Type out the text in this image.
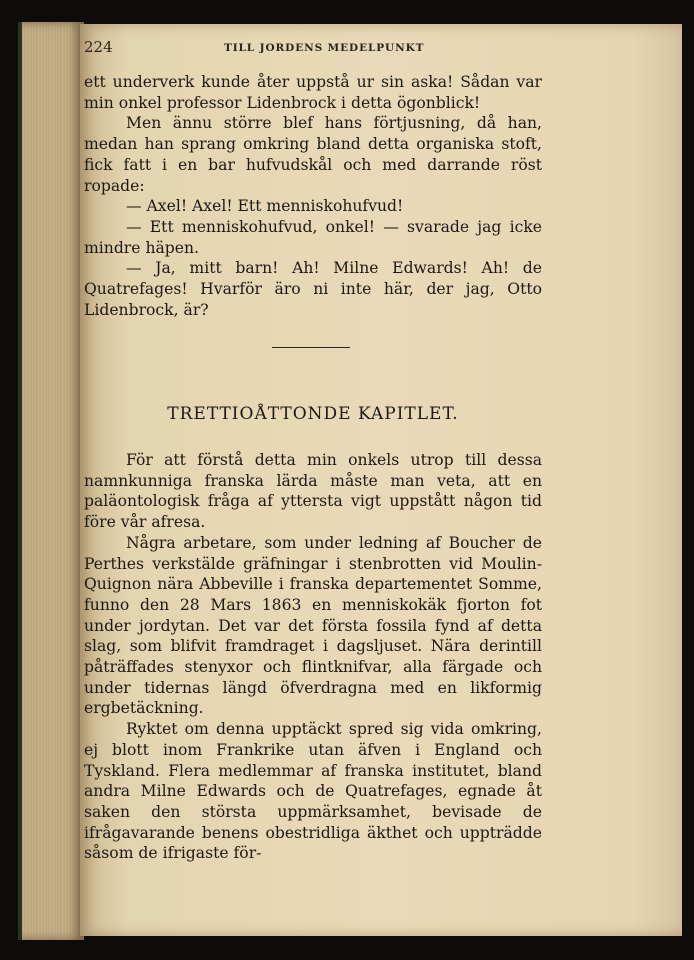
224	TILL JORDENS MEDELPUNKT

ett underverk kunde åter uppstå ur sin aska! Sådan var min onkel professor Lidenbrock i detta ögonblick!

Men ännu större blef hans förtjusning, då han, medan han sprang omkring bland detta organiska stoft, fick fatt i en bar hufvudskål och med darrande röst ropade:

— Axel! Axel! Ett menniskohufvud!

— Ett menniskohufvud, onkel! — svarade jag icke mindre häpen.

— Ja, mitt barn! Ah! Milne Edwards! Ah! de Quatrefages! Hvarför äro ni inte här, der jag, Otto Lidenbrock, är?

TRETTIOÅTTONDE KAPITLET.

För att förstå detta min onkels utrop till dessa namnkunniga franska lärda måste man veta, att en paläontologisk fråga af yttersta vigt uppstått någon tid före vår afresa.

Några arbetare, som under ledning af Boucher de Perthes verkstälde gräfningar i stenbrotten vid Moulin-Quignon nära Abbeville i franska departementet Somme, funno den 28 Mars 1863 en menniskokäk fjorton fot under jordytan. Det var det första fossila fynd af detta slag, som blifvit framdraget i dagsljuset. Nära derintill påträffades stenyxor och flintknifvar, alla färgade och under tidernas längd öfverdragna med en likformig ergbetäckning.

Ryktet om denna upptäckt spred sig vida omkring, ej blott inom Frankrike utan äfven i England och Tyskland. Flera medlemmar af franska institutet, bland andra Milne Edwards och de Quatrefages, egnade åt saken den största uppmärksamhet, bevisade de ifrågavarande benens obestridliga äkthet och uppträdde såsom de ifrigaste för-
